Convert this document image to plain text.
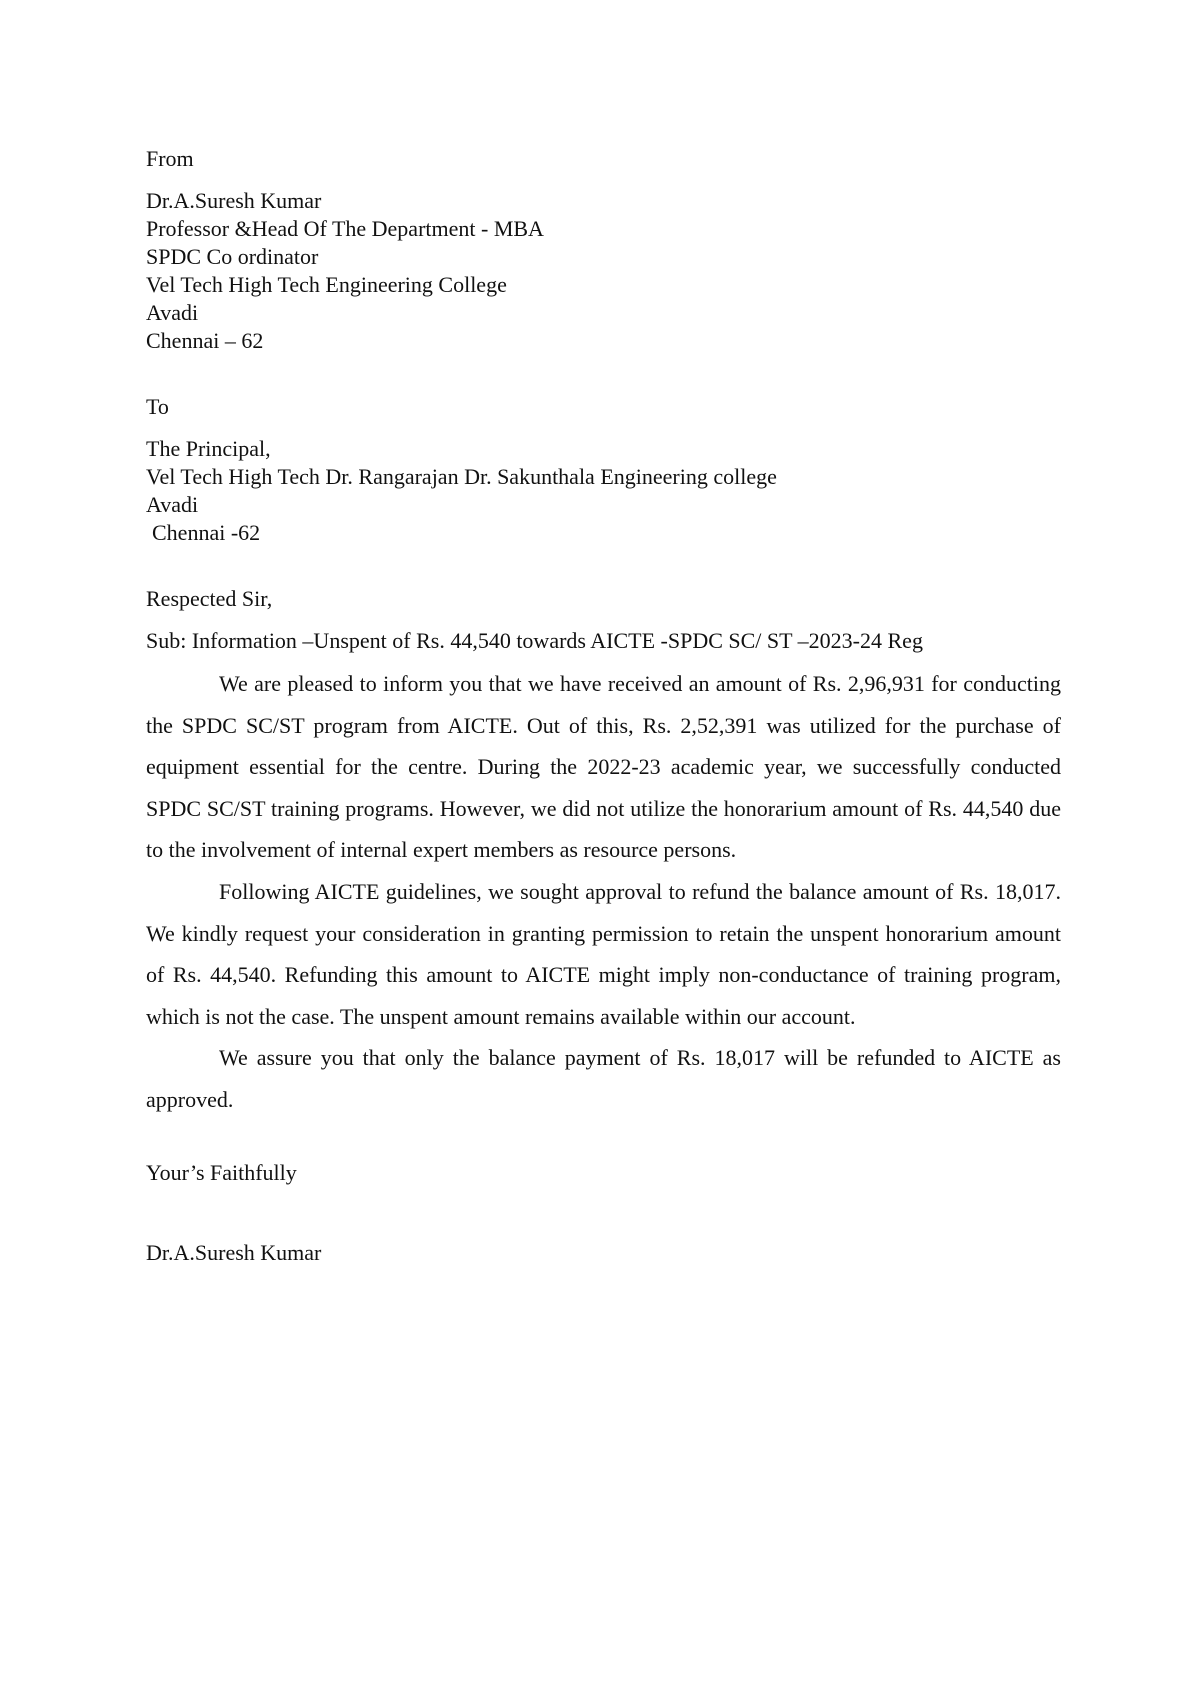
From
Dr.A.Suresh Kumar
Professor &Head Of The Department - MBA
SPDC Co ordinator
Vel Tech High Tech Engineering College
Avadi
Chennai – 62
To
The Principal,
Vel Tech High Tech Dr. Rangarajan Dr. Sakunthala Engineering college
Avadi
Chennai -62
Respected Sir,
Sub: Information –Unspent of Rs. 44,540 towards AICTE -SPDC SC/ ST –2023-24 Reg

We are pleased to inform you that we have received an amount of Rs. 2,96,931 for conducting the SPDC SC/ST program from AICTE. Out of this, Rs. 2,52,391 was utilized for the purchase of equipment essential for the centre. During the 2022-23 academic year, we successfully conducted SPDC SC/ST training programs. However, we did not utilize the honorarium amount of Rs. 44,540 due to the involvement of internal expert members as resource persons.

Following AICTE guidelines, we sought approval to refund the balance amount of Rs. 18,017. We kindly request your consideration in granting permission to retain the unspent honorarium amount of Rs. 44,540. Refunding this amount to AICTE might imply non-conductance of training program, which is not the case. The unspent amount remains available within our account.

We assure you that only the balance payment of Rs. 18,017 will be refunded to AICTE as approved.

Your’s Faithfully
Dr.A.Suresh Kumar
